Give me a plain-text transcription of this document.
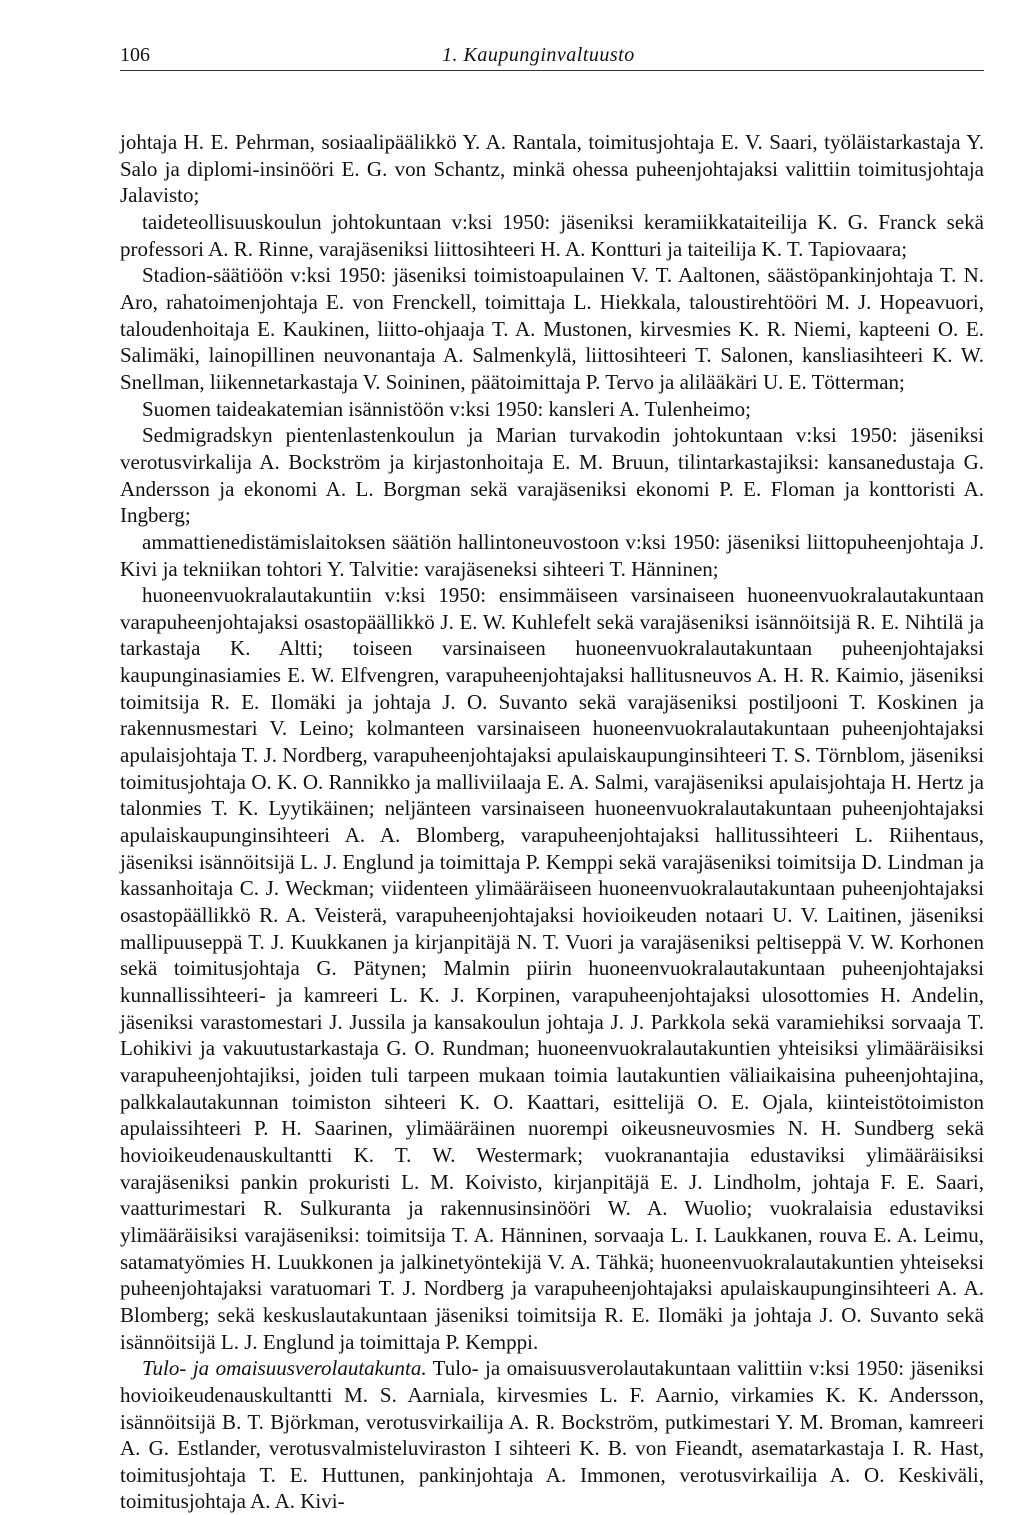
106	1. Kaupunginvaltuusto

johtaja H. E. Pehrman, sosiaalipäälikkö Y. A. Rantala, toimitusjohtaja E. V. Saari, työläistarkastaja Y. Salo ja diplomi-insinööri E. G. von Schantz, minkä ohessa puheenjohtajaksi valittiin toimitusjohtaja Jalavisto;

taideteollisuuskoulun johtokuntaan v:ksi 1950: jäseniksi keramiikkataiteilija K. G. Franck sekä professori A. R. Rinne, varajäseniksi liittosihteeri H. A. Kontturi ja taiteilija K. T. Tapiovaara;

Stadion-säätiöön v:ksi 1950: jäseniksi toimistoapulainen V. T. Aaltonen, säästöpankinjohtaja T. N. Aro, rahatoimenjohtaja E. von Frenckell, toimittaja L. Hiekkala, taloustirehtööri M. J. Hopeavuori, taloudenhoitaja E. Kaukinen, liitto-ohjaaja T. A. Mustonen, kirvesmies K. R. Niemi, kapteeni O. E. Salimäki, lainopillinen neuvonantaja A. Salmenkylä, liittosihteeri T. Salonen, kansliasihteeri K. W. Snellman, liikennetarkastaja V. Soininen, päätoimittaja P. Tervo ja alilääkäri U. E. Tötterman;

Suomen taideakatemian isännistöön v:ksi 1950: kansleri A. Tulenheimo;

Sedmigradskyn pientenlastenkoulun ja Marian turvakodin johtokuntaan v:ksi 1950: jäseniksi verotusvirkalija A. Bockström ja kirjastonhoitaja E. M. Bruun, tilintarkastajiksi: kansanedustaja G. Andersson ja ekonomi A. L. Borgman sekä varajäseniksi ekonomi P. E. Floman ja konttoristi A. Ingberg;

ammattienedistämislaitoksen säätiön hallintoneuvostoon v:ksi 1950: jäseniksi liittopuheenjohtaja J. Kivi ja tekniikan tohtori Y. Talvitie: varajäseneksi sihteeri T. Hänninen;

huoneenvuokralautakuntiin v:ksi 1950: ensimmäiseen varsinaiseen huoneenvuokralautakuntaan varapuheenjohtajaksi osastopäällikkö J. E. W. Kuhlefelt sekä varajäseniksi isännöitsijä R. E. Nihtilä ja tarkastaja K. Altti; toiseen varsinaiseen huoneenvuokralautakuntaan puheenjohtajaksi kaupunginasiamies E. W. Elfvengren, varapuheenjohtajaksi hallitusneuvos A. H. R. Kaimio, jäseniksi toimitsija R. E. Ilomäki ja johtaja J. O. Suvanto sekä varajäseniksi postiljooni T. Koskinen ja rakennusmestari V. Leino; kolmanteen varsinaiseen huoneenvuokralautakuntaan puheenjohtajaksi apulaisjohtaja T. J. Nordberg, varapuheenjohtajaksi apulaiskaupunginsihteeri T. S. Törnblom, jäseniksi toimitusjohtaja O. K. O. Rannikko ja malliviilaaja E. A. Salmi, varajäseniksi apulaisjohtaja H. Hertz ja talonmies T. K. Lyytikäinen; neljänteen varsinaiseen huoneenvuokralautakuntaan puheenjohtajaksi apulaiskaupunginsihteeri A. A. Blomberg, varapuheenjohtajaksi hallitussihteeri L. Riihentaus, jäseniksi isännöitsijä L. J. Englund ja toimittaja P. Kemppi sekä varajäseniksi toimitsija D. Lindman ja kassanhoitaja C. J. Weckman; viidenteen ylimääräiseen huoneenvuokralautakuntaan puheenjohtajaksi osastopäällikkö R. A. Veisterä, varapuheenjohtajaksi hovioikeuden notaari U. V. Laitinen, jäseniksi mallipuuseppä T. J. Kuukkanen ja kirjanpitäjä N. T. Vuori ja varajäseniksi peltiseppä V. W. Korhonen sekä toimitusjohtaja G. Pätynen; Malmin piirin huoneenvuokralautakuntaan puheenjohtajaksi kunnallissihteeri- ja kamreeri L. K. J. Korpinen, varapuheenjohtajaksi ulosottomies H. Andelin, jäseniksi varastomestari J. Jussila ja kansakoulun johtaja J. J. Parkkola sekä varamiehiksi sorvaaja T. Lohikivi ja vakuutustarkastaja G. O. Rundman; huoneenvuokralautakuntien yhteisiksi ylimääräisiksi varapuheenjohtajiksi, joiden tuli tarpeen mukaan toimia lautakuntien väliaikaisina puheenjohtajina, palkkalautakunnan toimiston sihteeri K. O. Kaattari, esittelijä O. E. Ojala, kiinteistötoimiston apulaissihteeri P. H. Saarinen, ylimääräinen nuorempi oikeusneuvosmies N. H. Sundberg sekä hovioikeudenauskultantti K. T. W. Westermark; vuokranantajia edustaviksi ylimääräisiksi varajäseniksi pankin prokuristi L. M. Koivisto, kirjanpitäjä E. J. Lindholm, johtaja F. E. Saari, vaatturimestari R. Sulkuranta ja rakennusinsinööri W. A. Wuolio; vuokralaisia edustaviksi ylimääräisiksi varajäseniksi: toimitsija T. A. Hänninen, sorvaaja L. I. Laukkanen, rouva E. A. Leimu, satamatyömies H. Luukkonen ja jalkinetyöntekijä V. A. Tähkä; huoneenvuokralautakuntien yhteiseksi puheenjohtajaksi varatuomari T. J. Nordberg ja varapuheenjohtajaksi apulaiskaupunginsihteeri A. A. Blomberg; sekä keskuslautakuntaan jäseniksi toimitsija R. E. Ilomäki ja johtaja J. O. Suvanto sekä isännöitsijä L. J. Englund ja toimittaja P. Kemppi.

Tulo- ja omaisuusverolautakunta. Tulo- ja omaisuusverolautakuntaan valittiin v:ksi 1950: jäseniksi hovioikeudenauskultantti M. S. Aarniala, kirvesmies L. F. Aarnio, virkamies K. K. Andersson, isännöitsijä B. T. Björkman, verotusvirkailija A. R. Bockström, putkimestari Y. M. Broman, kamreeri A. G. Estlander, verotusvalmisteluviraston I sihteeri K. B. von Fieandt, asematarkastaja I. R. Hast, toimitusjohtaja T. E. Huttunen, pankinjohtaja A. Immonen, verotusvirkailija A. O. Keskiväli, toimitusjohtaja A. A. Kivi-
